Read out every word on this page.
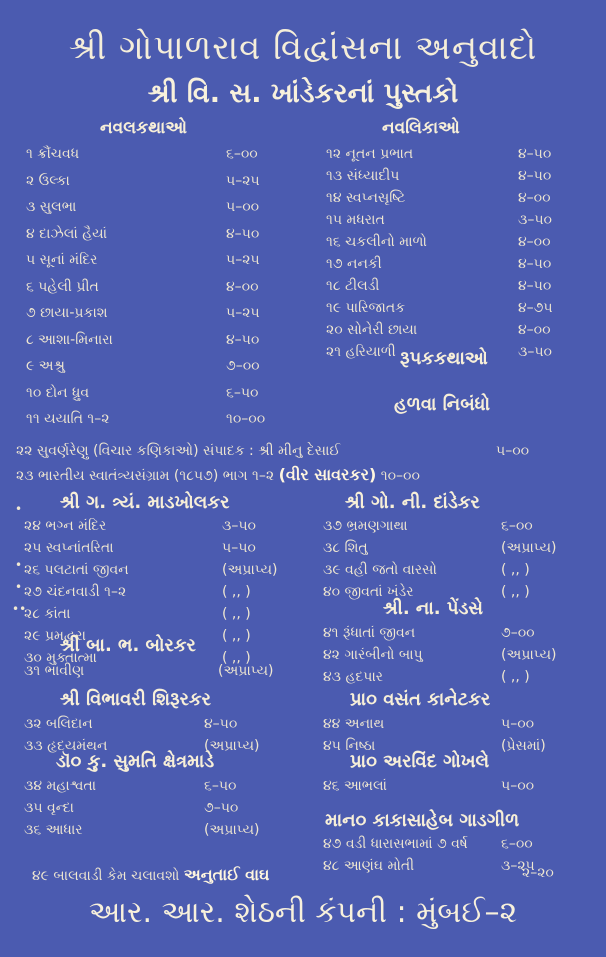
શ્રી ગોપાળરાવ વિદ્વાંસના અનુવાદો
શ્રી વિ. સ. ખાંડેકરનાં પુસ્તકો
નવલકથાઓ	નવલિકાઓ
રૂપકકથાઓ
હળવા નિબંધો
૧ ક્રૌંચવધ	૬–૦૦
૨ ઉલ્કા	૫–૨૫
૩ સુલભા	૫–૦૦
૪ દાઝેલાં હૈયાં	૪–૫૦
૫ સૂનાં મંદિર	૫–૨૫
૬ પહેલી પ્રીત	૪–૦૦
૭ છાયા-પ્રકાશ	૫–૨૫
૮ આશા-મિનારા	૪–૫૦
૯ અશ્રુ	૭–૦૦
૧૦ દોન ધ્રુવ	૬–૫૦
૧૧ યયાતિ ૧–૨	૧૦–૦૦
૧૨ નૂતન પ્રભાત	૪–૫૦
૧૩ સંધ્યાદીપ	૪–૫૦
૧૪ સ્વપ્નસૃષ્ટિ	૪–૦૦
૧૫ મધરાત	૩–૫૦
૧૬ ચકલીનો માળો	૪–૦૦
૧૭ નનકી	૪–૫૦
૧૮ ટીલડી	૪–૫૦
૧૯ પારિજાતક	૪–૭૫
૨૦ સોનેરી છાયા	૪–૦૦
૨૧ હરિયાળી	૩–૫૦
૨૨ સુવર્ણરેણુ (વિચાર કણિકાઓ) સંપાદક : શ્રી મીનુ દેસાઈ	૫–૦૦
૨૩ ભારતીય સ્વાતંત્ર્યસંગ્રામ (૧૮૫૭) ભાગ ૧–૨ (વીર સાવરકર) ૧૦–૦૦
શ્રી ગ. ત્ર્યં. માડખોલકર	શ્રી ગો. ની. દાંડેકર
શ્રી બા. ભ. બોરકર
શ્રી. ના. પેંડસે
શ્રી વિભાવરી શિરૂરકર	પ્રા૦ વસંત કાનેટકર
ડૉ૦ કુ. સુમતિ ક્ષેત્રમાડે	પ્રા૦ અરવિંદ ગોખલે
માન૦ કાકાસાહેબ ગાડગીળ
૨૪ ભગ્ન મંદિર	૩–૫૦
૨૫ સ્વપ્નાંતરિતા	૫–૫૦
૨૬ પલટાતાં જીવન	(અપ્રાપ્ય)
૨૭ ચંદનવાડી ૧–૨	( ,, )
૨૮ કાંતા	( ,, )
૨૯ પ્રમદ્વરા	( ,, )
૩૦ મુક્તાત્મા	( ,, )
૩૧ ભાવીણ	(અપ્રાપ્ય)
૩૨ બલિદાન	૪–૫૦
૩૩ હૃદયમંથન	(અપ્રાપ્ય)
૩૪ મહાશ્વતા	૬–૫૦
૩૫ વૃન્દા	૭–૫૦
૩૬ આધાર	(અપ્રાપ્ય)
૩૭ ભ્રમણગાથા	૬–૦૦
૩૮ શિતુ	(અપ્રાપ્ય)
૩૯ વહી જતો વારસો	( ,, )
૪૦ જીવતાં ખંડેર	( ,, )
૪૧ રૂંધાતાં જીવન	૭–૦૦
૪૨ ગારંબીનો બાપુ	(અપ્રાપ્ય)
૪૩ હદપાર	( ,, )
૪૪ અનાથ	૫–૦૦
૪૫ નિષ્ઠા	(પ્રેસમાં)
૪૬ આભલાં	૫–૦૦
૪૭ વડી ધારાસભામાં ૭ વર્ષ ૬–૦૦
૪૮ આણંઘ મોતી	૩–૨૫
૪૯ બાલવાડી કેમ ચલાવશો અનુતાઈ વાઘ	૨–૨૦
આર. આર. શેઠની કંપની : મુંબઈ–૨
•
•
•
••
